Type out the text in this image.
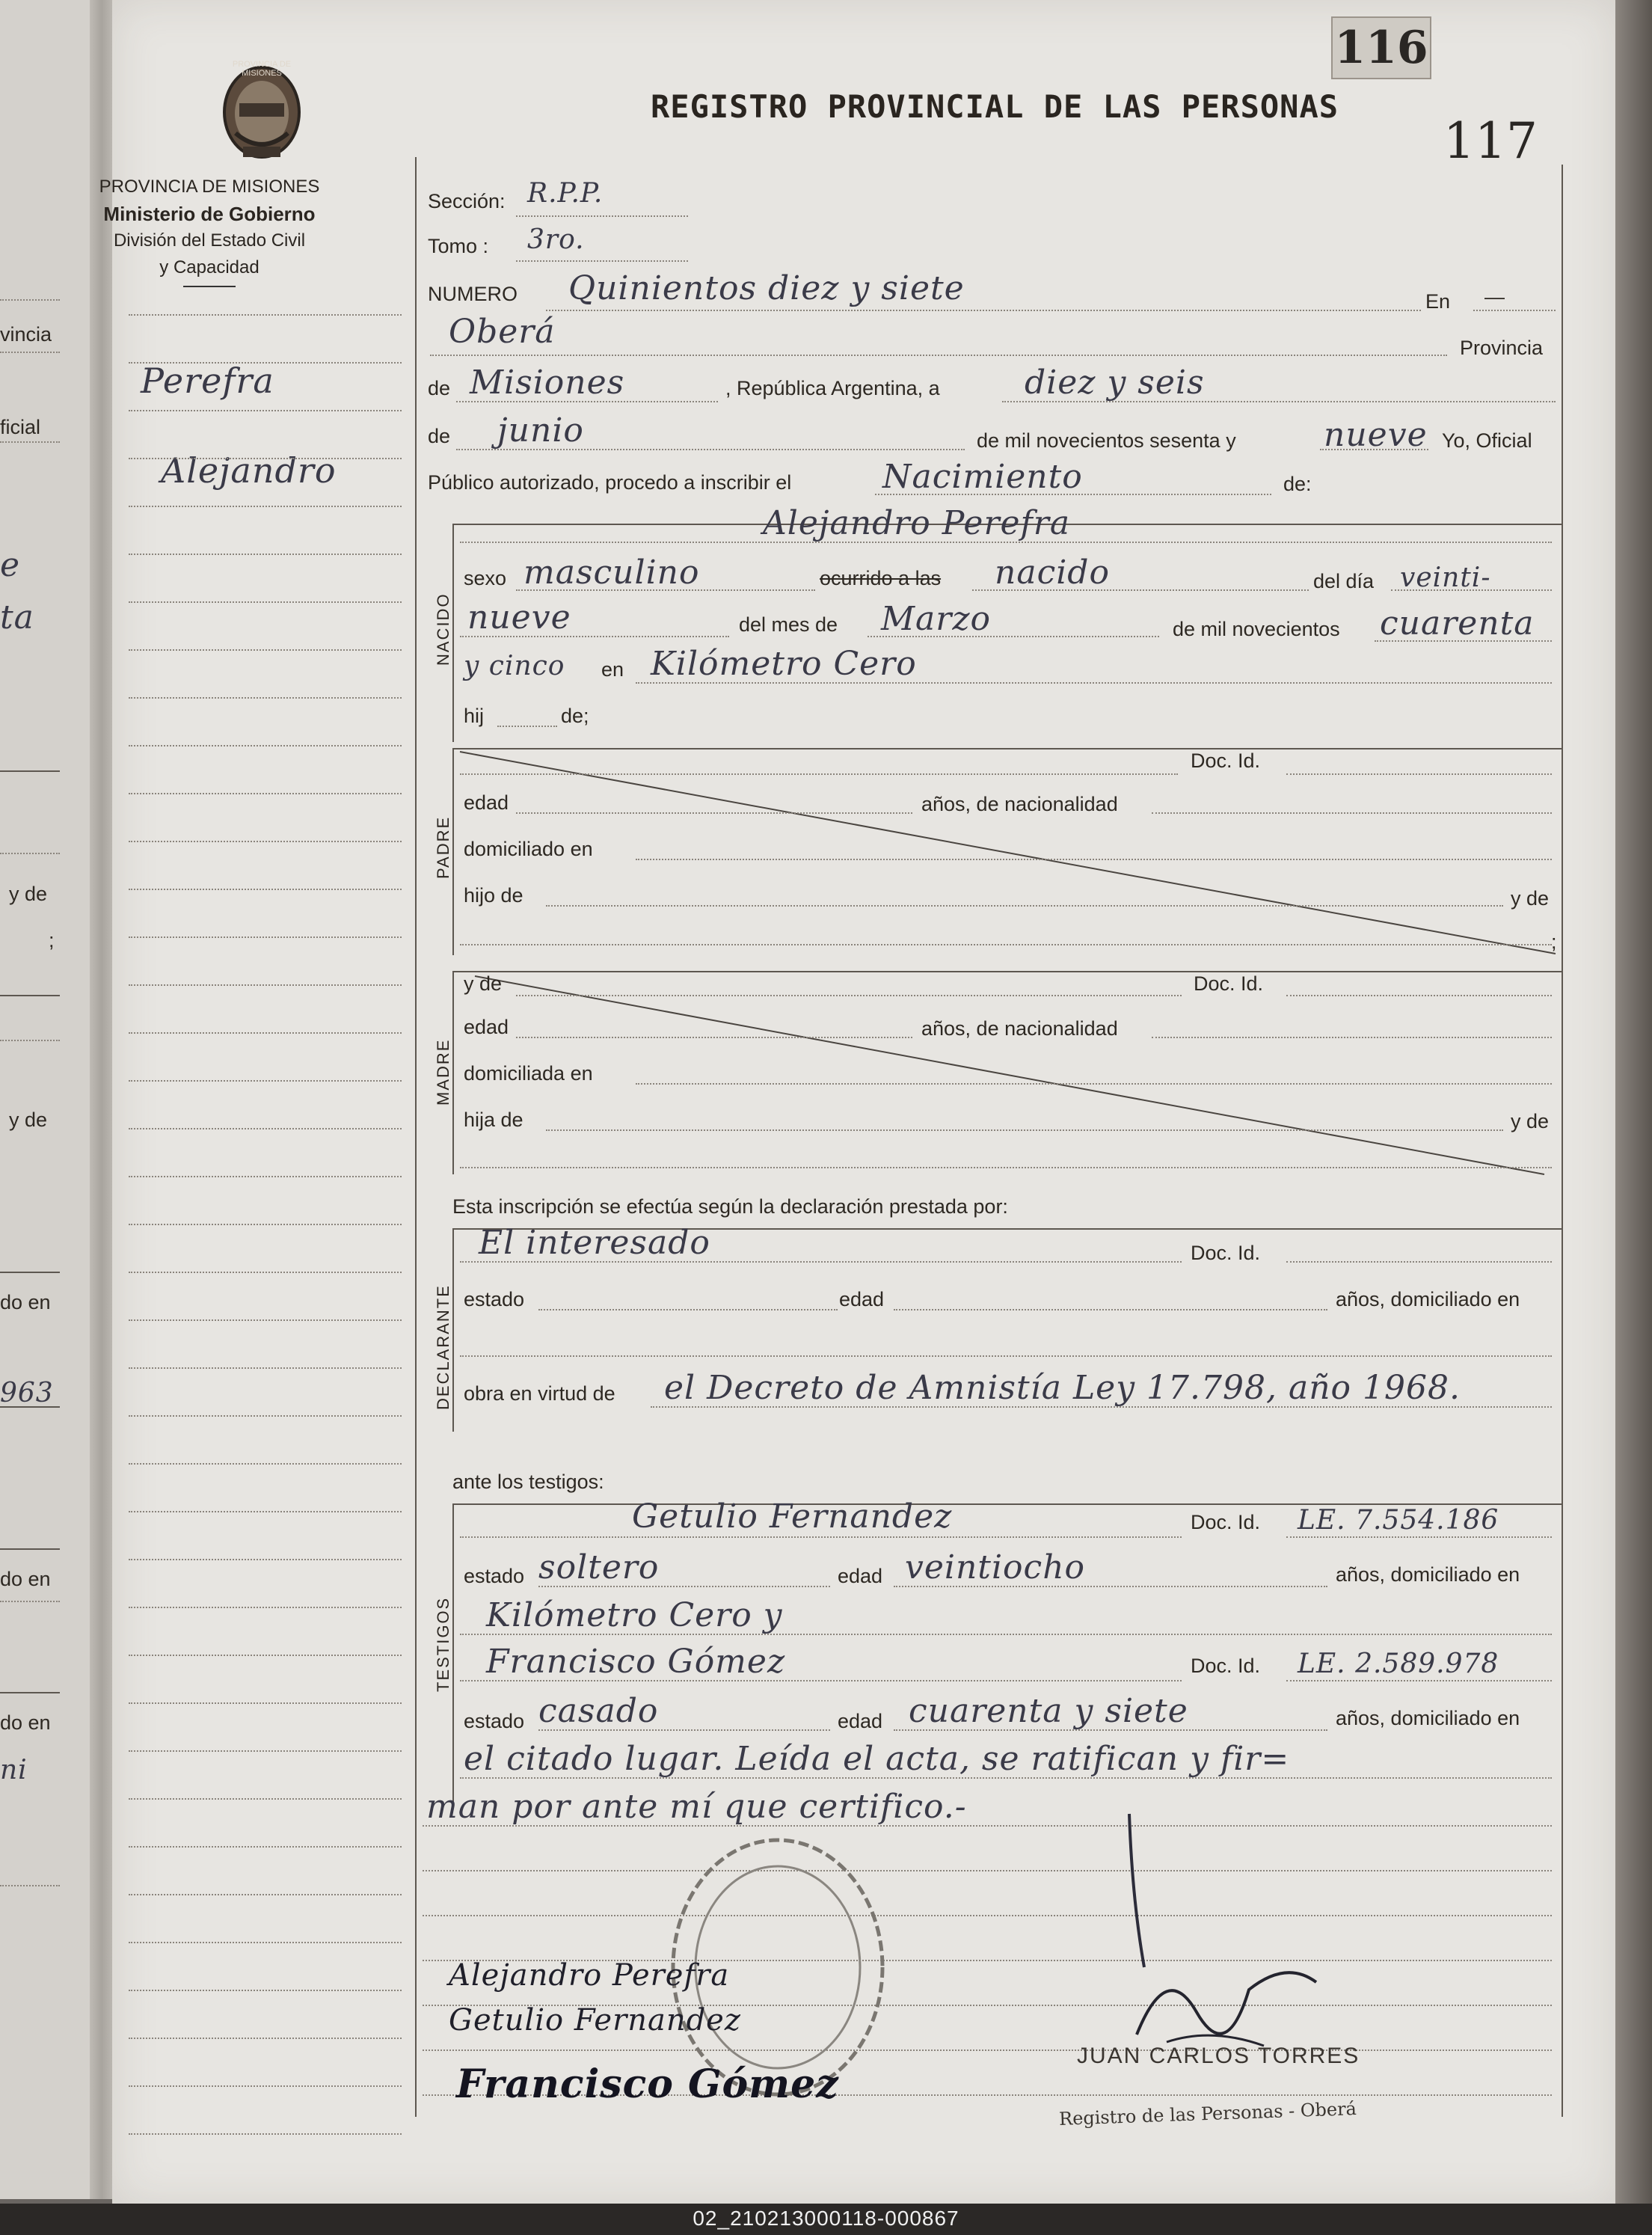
vincia
ficial
e
ta
y de
;
y de
do en
963
do en
do en
ni
116
117
PROVINCIA DE MISIONES
PROVINCIA DE MISIONES
Ministerio de Gobierno
División del Estado Civil
y Capacidad
REGISTRO PROVINCIAL DE LAS PERSONAS
Perefra
Alejandro
Sección: R.P.P.
Tomo : 3ro.
NUMERO Quinientos diez y siete	En —
Oberá	Provincia
de Misiones	, República Argentina, a	diez y seis
de junio	de mil novecientos sesenta y	nueve Yo, Oficial
Público autorizado, procedo a inscribir el	Nacimiento	de:
NACIDO
Alejandro Perefra
sexo masculino	ocurrido a las nacido	del día veinti-
nueve	del mes de Marzo	de mil novecientos cuarenta
y cinco en Kilómetro Cero
hij	de;
PADRE
Doc. Id.
edad	años, de nacionalidad
domiciliado en
hijo de	y de
;
MADRE
y de	Doc. Id.
edad	años, de nacionalidad
domiciliada en
hija de	y de
Esta inscripción se efectúa según la declaración prestada por:
DECLARANTE
El interesado	Doc. Id.
estado	edad	años, domiciliado en
obra en virtud de el Decreto de Amnistía Ley 17.798, año 1968.
ante los testigos:
TESTIGOS
Getulio Fernandez	Doc. Id. LE. 7.554.186
estado soltero	edad veintiocho	años, domiciliado en
Kilómetro Cero y
Francisco Gómez	Doc. Id. LE. 2.589.978
estado casado	edad cuarenta y siete	años, domiciliado en
el citado lugar. Leída el acta, se ratifican y fir=
man por ante mí que certifico.-
Alejandro Perefra
Getulio Fernandez
Francisco Gómez
JUAN CARLOS TORRES
Registro de las Personas - Oberá
02_210213000118-000867
